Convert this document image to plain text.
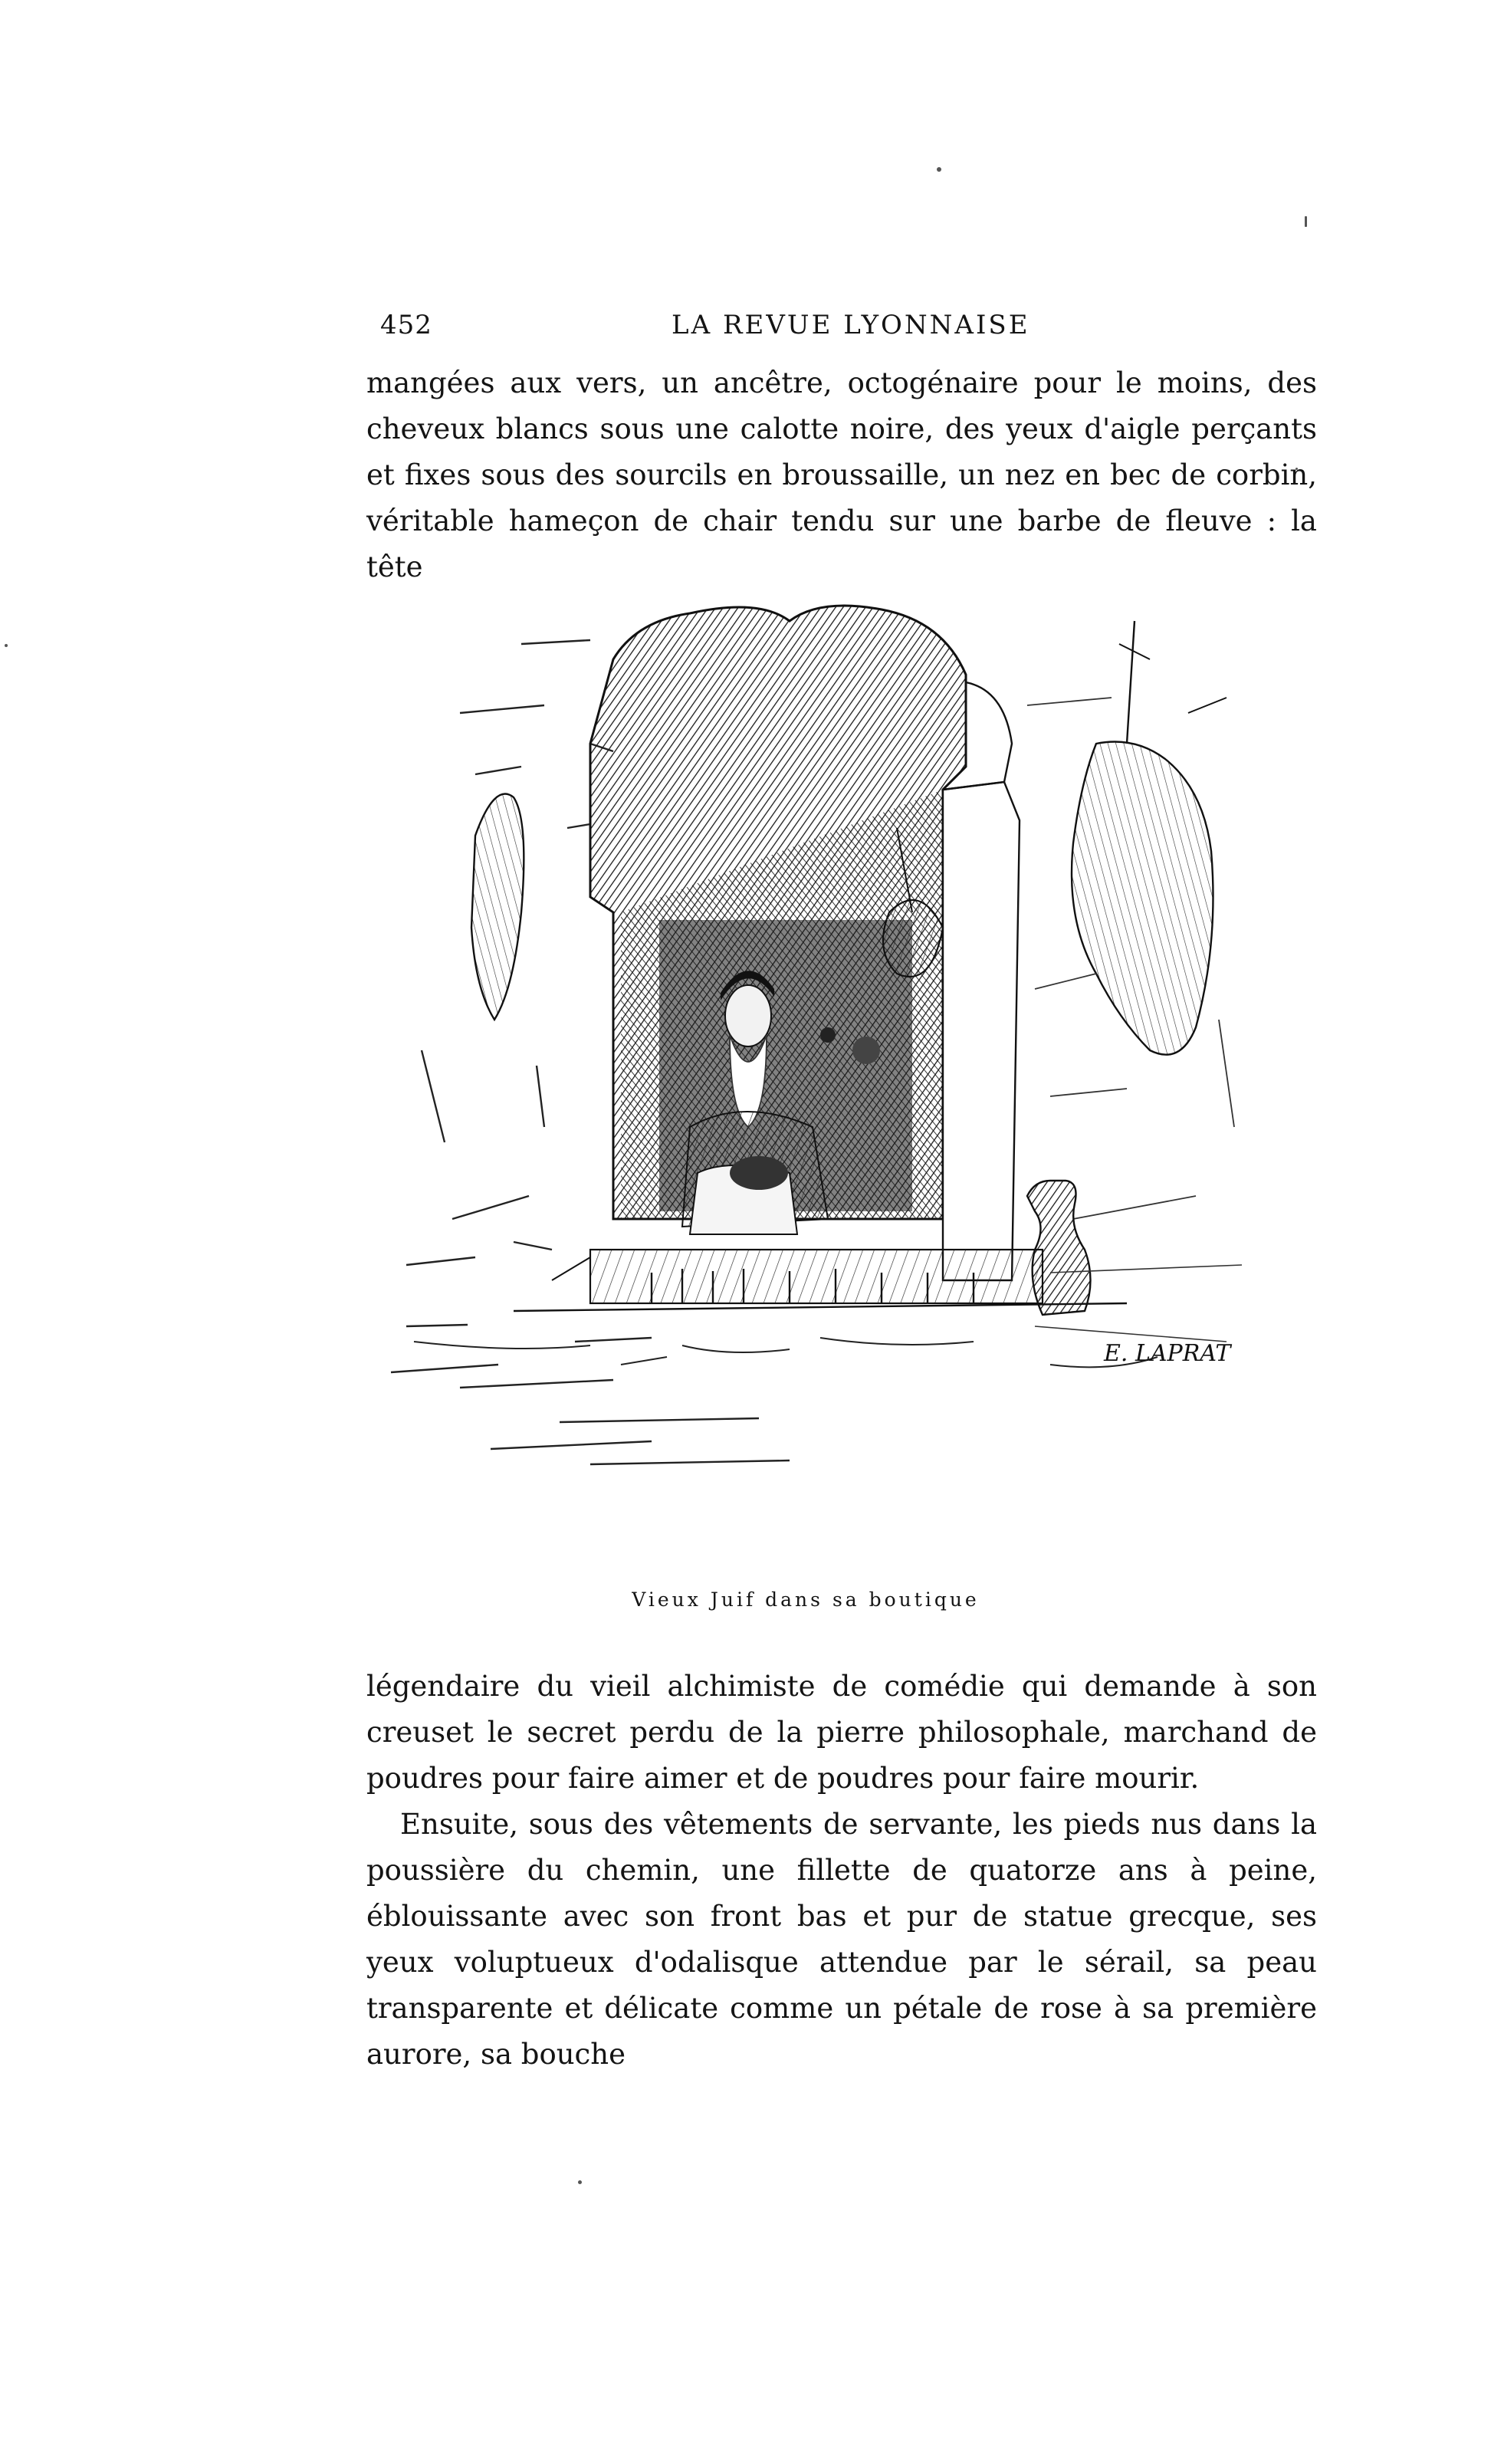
452	LA REVUE LYONNAISE

mangées aux vers, un ancêtre, octogénaire pour le moins, des cheveux blancs sous une calotte noire, des yeux d'aigle perçants et fixes sous des sourcils en broussaille, un nez en bec de corbin, véritable hameçon de chair tendu sur une barbe de fleuve : la tête

E. LAPRAT
Vieux Juif dans sa boutique

légendaire du vieil alchimiste de comédie qui demande à son creuset le secret perdu de la pierre philosophale, marchand de poudres pour faire aimer et de poudres pour faire mourir.

Ensuite, sous des vêtements de servante, les pieds nus dans la poussière du chemin, une fillette de quatorze ans à peine, éblouissante avec son front bas et pur de statue grecque, ses yeux voluptueux d'odalisque attendue par le sérail, sa peau transparente et délicate comme un pétale de rose à sa première aurore, sa bouche
